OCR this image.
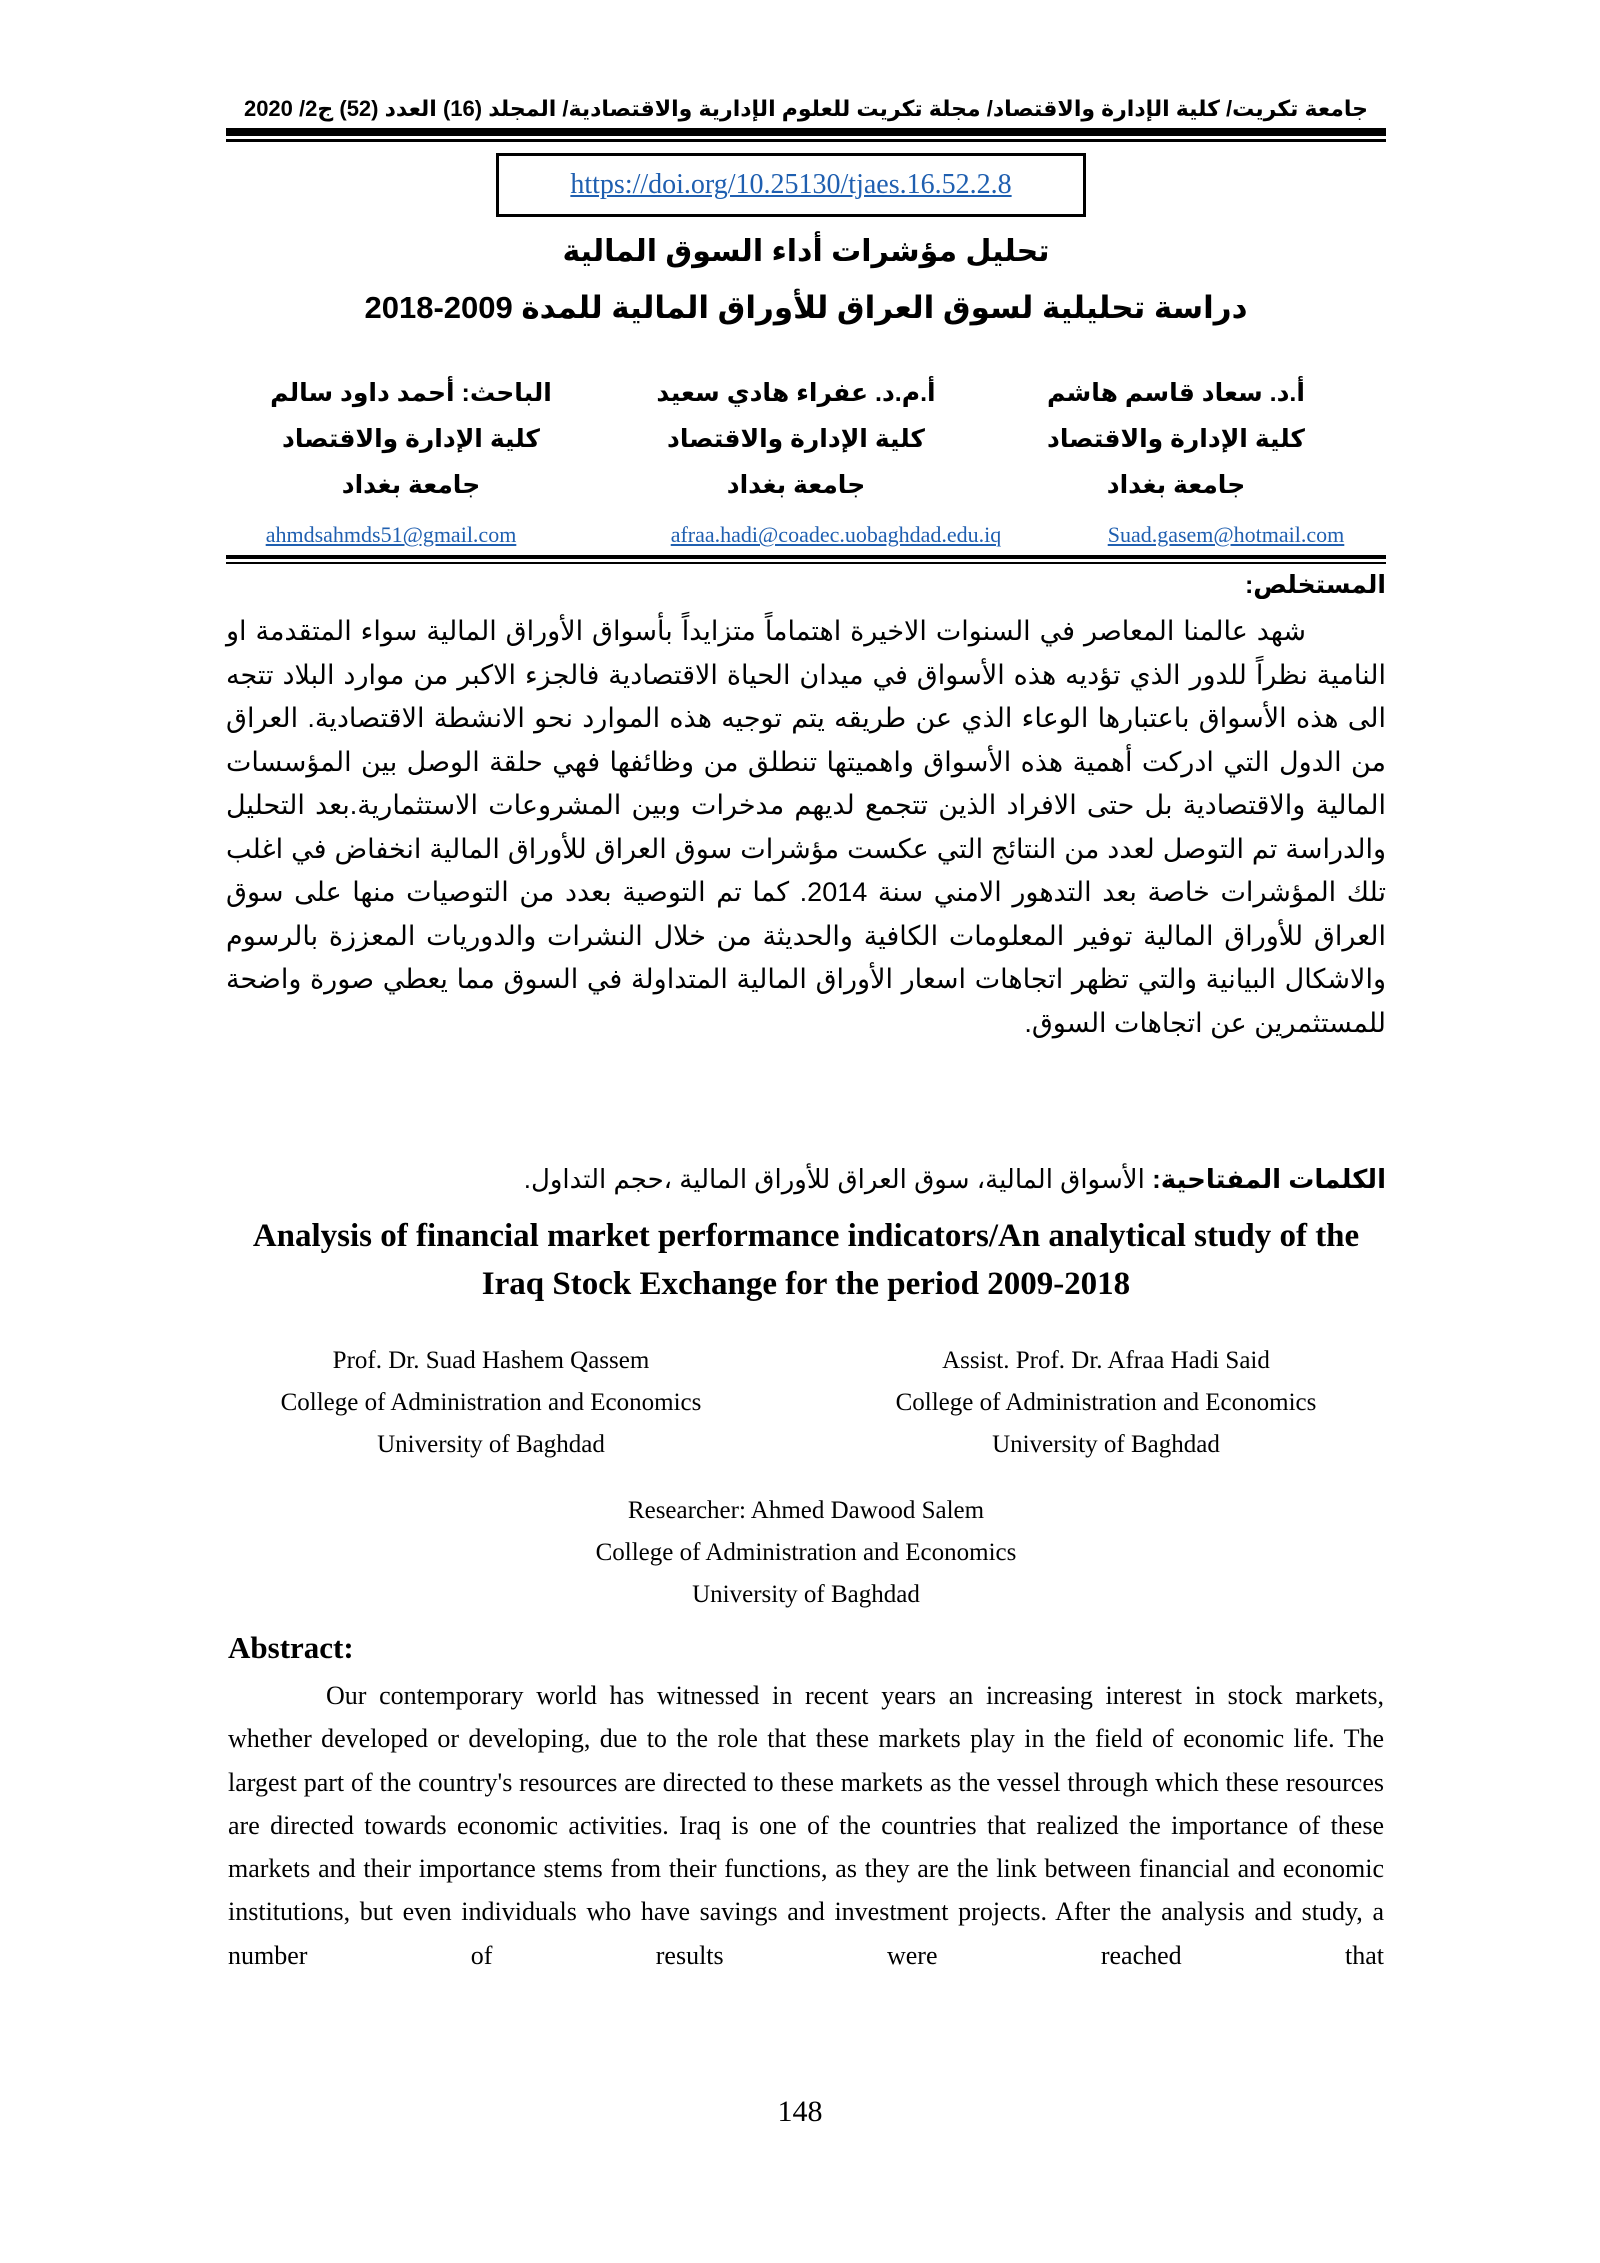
جامعة تكريت/ كلية الإدارة والاقتصاد/ مجلة تكريت للعلوم الإدارية والاقتصادية/ المجلد (16) العدد (52) ج2/ 2020
https://doi.org/10.25130/tjaes.16.52.2.8
تحليل مؤشرات أداء السوق المالية
دراسة تحليلية لسوق العراق للأوراق المالية للمدة 2009-2018
أ.د. سعاد قاسم هاشم
كلية الإدارة والاقتصاد
جامعة بغداد
أ.م.د. عفراء هادي سعيد
كلية الإدارة والاقتصاد
جامعة بغداد
الباحث: أحمد داود سالم
كلية الإدارة والاقتصاد
جامعة بغداد
Suad.gasem@hotmail.com
afraa.hadi@coadec.uobaghdad.edu.iq
ahmdsahmds51@gmail.com
المستخلص:
شهد عالمنا المعاصر في السنوات الاخيرة اهتماماً متزايداً بأسواق الأوراق المالية سواء المتقدمة او النامية نظراً للدور الذي تؤديه هذه الأسواق في ميدان الحياة الاقتصادية فالجزء الاكبر من موارد البلاد تتجه الى هذه الأسواق باعتبارها الوعاء الذي عن طريقه يتم توجيه هذه الموارد نحو الانشطة الاقتصادية. العراق من الدول التي ادركت أهمية هذه الأسواق واهميتها تنطلق من وظائفها فهي حلقة الوصل بين المؤسسات المالية والاقتصادية بل حتى الافراد الذين تتجمع لديهم مدخرات وبين المشروعات الاستثمارية.بعد التحليل والدراسة تم التوصل لعدد من النتائج التي عكست مؤشرات سوق العراق للأوراق المالية انخفاض في اغلب تلك المؤشرات خاصة بعد التدهور الامني سنة 2014. كما تم التوصية بعدد من التوصيات منها على سوق العراق للأوراق المالية توفير المعلومات الكافية والحديثة من خلال النشرات والدوريات المعززة بالرسوم والاشكال البيانية والتي تظهر اتجاهات اسعار الأوراق المالية المتداولة في السوق مما يعطي صورة واضحة للمستثمرين عن اتجاهات السوق.
الكلمات المفتاحية: الأسواق المالية، سوق العراق للأوراق المالية ،حجم التداول.
Analysis of financial market performance indicators/An analytical study of the Iraq Stock Exchange for the period 2009-2018
Prof. Dr. Suad Hashem Qassem
College of Administration and Economics
University of Baghdad
Assist. Prof. Dr. Afraa Hadi Said
College of Administration and Economics
University of Baghdad
Researcher: Ahmed Dawood Salem
College of Administration and Economics
University of Baghdad
Abstract:
Our contemporary world has witnessed in recent years an increasing interest in stock markets, whether developed or developing, due to the role that these markets play in the field of economic life. The largest part of the country's resources are directed to these markets as the vessel through which these resources are directed towards economic activities. Iraq is one of the countries that realized the importance of these markets and their importance stems from their functions, as they are the link between financial and economic institutions, but even individuals who have savings and investment projects. After the analysis and study, a number of results were reached that
148
